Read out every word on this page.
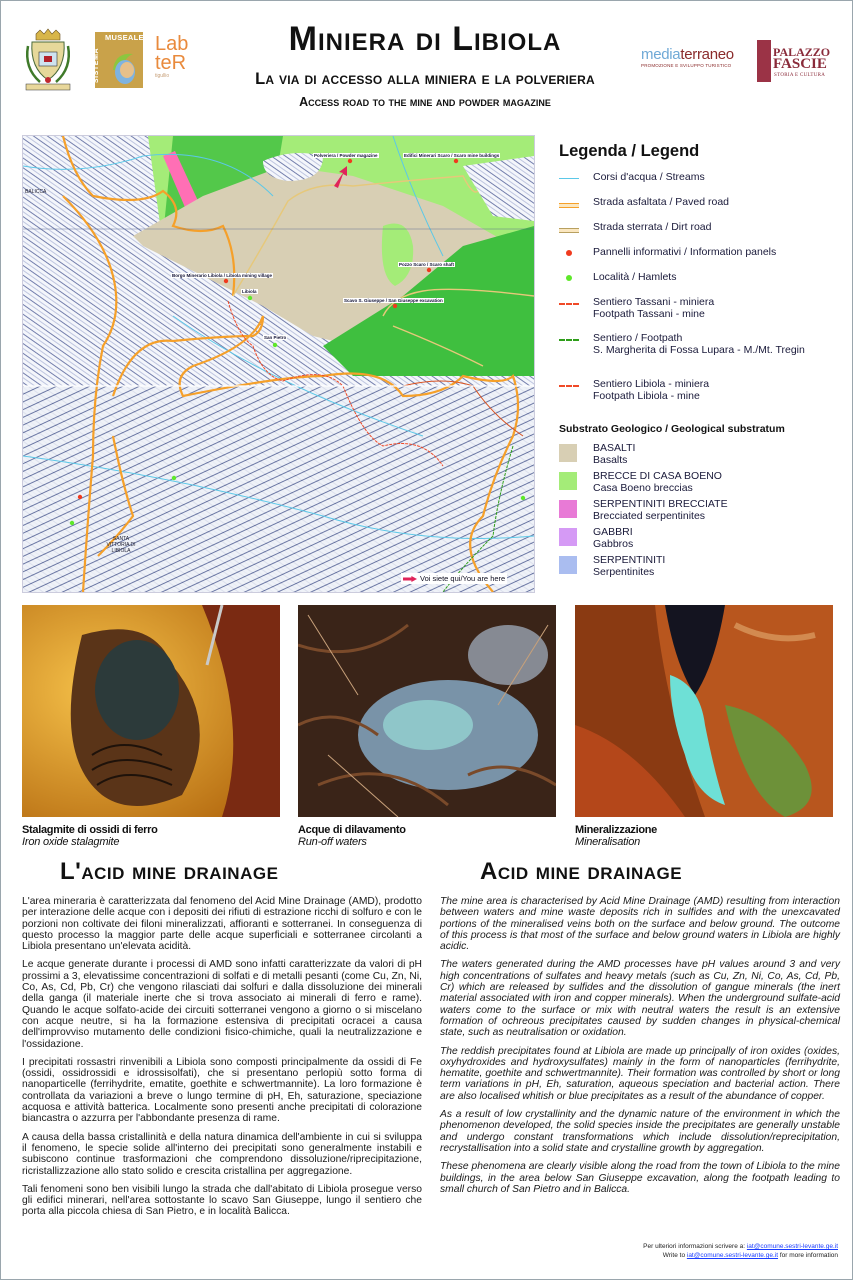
MUSEALE
SISTEMA
Lab
teR
tigullio
Miniera di Libiola
La via di accesso alla miniera e la polveriera
Access road to the mine and powder magazine
mediaterraneo
PROMOZIONE E SVILUPPO TURISTICO
PALAZZO
FASCIE
STORIA E CULTURA
Polveriera / Powder magazine	Edifici Minerari Scaro / Scaro mine buildings
Borgo Minerario Libiola / Libiola mining village
Pozzo Scaro / Scaro shaft
Scavo S. Giuseppe / San Giuseppe excavation
Libiola
San Pietro
BALICCA
SANTA VITTORIA DI LIBIOLA
Voi siete qui/You are here
Legenda / Legend
Corsi d'acqua / Streams
Strada asfaltata / Paved road
Strada sterrata / Dirt road
Pannelli informativi / Information panels
Località / Hamlets
Sentiero Tassani - miniera
Footpath Tassani - mine
Sentiero / Footpath
S. Margherita di Fossa Lupara - M./Mt. Tregin
Sentiero Libiola - miniera
Footpath Libiola - mine
Substrato Geologico / Geological substratum
BASALTI
Basalts
BRECCE DI CASA BOENO
Casa Boeno breccias
SERPENTINITI BRECCIATE
Brecciated serpentinites
GABBRI
Gabbros
SERPENTINITI
Serpentinites
Stalagmite di ossidi di ferro
Iron oxide stalagmite
Acque di dilavamento
Run-off waters
Mineralizzazione
Mineralisation
L'acid mine drainage	Acid mine drainage

L'area mineraria è caratterizzata dal fenomeno del Acid Mine Drainage (AMD), prodotto per interazione delle acque con i depositi dei rifiuti di estrazione ricchi di solfuro e con le porzioni non coltivate dei filoni mineralizzati, affioranti e sotterranei. In conseguenza di questo processo la maggior parte delle acque superficiali e sotterranee circolanti a Libiola presentano un'elevata acidità.

Le acque generate durante i processi di AMD sono infatti caratterizzate da valori di pH prossimi a 3, elevatissime concentrazioni di solfati e di metalli pesanti (come Cu, Zn, Ni, Co, As, Cd, Pb, Cr) che vengono rilasciati dai solfuri e dalla dissoluzione dei minerali della ganga (il materiale inerte che si trova associato ai minerali di ferro e rame). Quando le acque solfato-acide dei circuiti sotterranei vengono a giorno o si miscelano con acque neutre, si ha la formazione estensiva di precipitati ocracei a causa dell'improvviso mutamento delle condizioni fisico-chimiche, quali la neutralizzazione e l'ossidazione.

I precipitati rossastri rinvenibili a Libiola sono composti principalmente da ossidi di Fe (ossidi, ossidrossidi e idrossisolfati), che si presentano perlopiù sotto forma di nanoparticelle (ferrihydrite, ematite, goethite e schwertmannite). La loro formazione è controllata da variazioni a breve o lungo termine di pH, Eh, saturazione, speciazione acquosa e attività batterica. Localmente sono presenti anche precipitati di colorazione biancastra o azzurra per l'abbondante presenza di rame.

A causa della bassa cristallinità e della natura dinamica dell'ambiente in cui si sviluppa il fenomeno, le specie solide all'interno dei precipitati sono generalmente instabili e subiscono continue trasformazioni che comprendono dissoluzione/riprecipitazione, ricristallizzazione allo stato solido e crescita cristallina per aggregazione.

Tali fenomeni sono ben visibili lungo la strada che dall'abitato di Libiola prosegue verso gli edifici minerari, nell'area sottostante lo scavo San Giuseppe, lungo il sentiero che porta alla piccola chiesa di San Pietro, e in località Balicca.

The mine area is characterised by Acid Mine Drainage (AMD) resulting from interaction between waters and mine waste deposits rich in sulfides and with the unexcavated portions of the mineralised veins both on the surface and below ground. The outcome of this process is that most of the surface and below ground waters in Libiola are highly acidic.

The waters generated during the AMD processes have pH values around 3 and very high concentrations of sulfates and heavy metals (such as Cu, Zn, Ni, Co, As, Cd, Pb, Cr) which are released by sulfides and the dissolution of gangue minerals (the inert material associated with iron and copper minerals). When the underground sulfate-acid waters come to the surface or mix with neutral waters the result is an extensive formation of ochreous precipitates caused by sudden changes in physical-chemical state, such as neutralisation or oxidation.

The reddish precipitates found at Libiola are made up principally of iron oxides (oxides, oxyhydroxides and hydroxysulfates) mainly in the form of nanoparticles (ferrihydrite, hematite, goethite and schwertmannite). Their formation was controlled by short or long term variations in pH, Eh, saturation, aqueous speciation and bacterial action. There are also localised whitish or blue precipitates as a result of the abundance of copper.

As a result of low crystallinity and the dynamic nature of the environment in which the phenomenon developed, the solid species inside the precipitates are generally unstable and undergo constant transformations which include dissolution/reprecipitation, recrystallisation into a solid state and crystalline growth by aggregation.

These phenomena are clearly visible along the road from the town of Libiola to the mine buildings, in the area below San Giuseppe excavation, along the footpath leading to small church of San Pietro and in Balicca.

Per ulteriori informazioni scrivere a: iat@comune.sestri-levante.ge.it
Write to iat@comune.sestri-levante.ge.it for more information
